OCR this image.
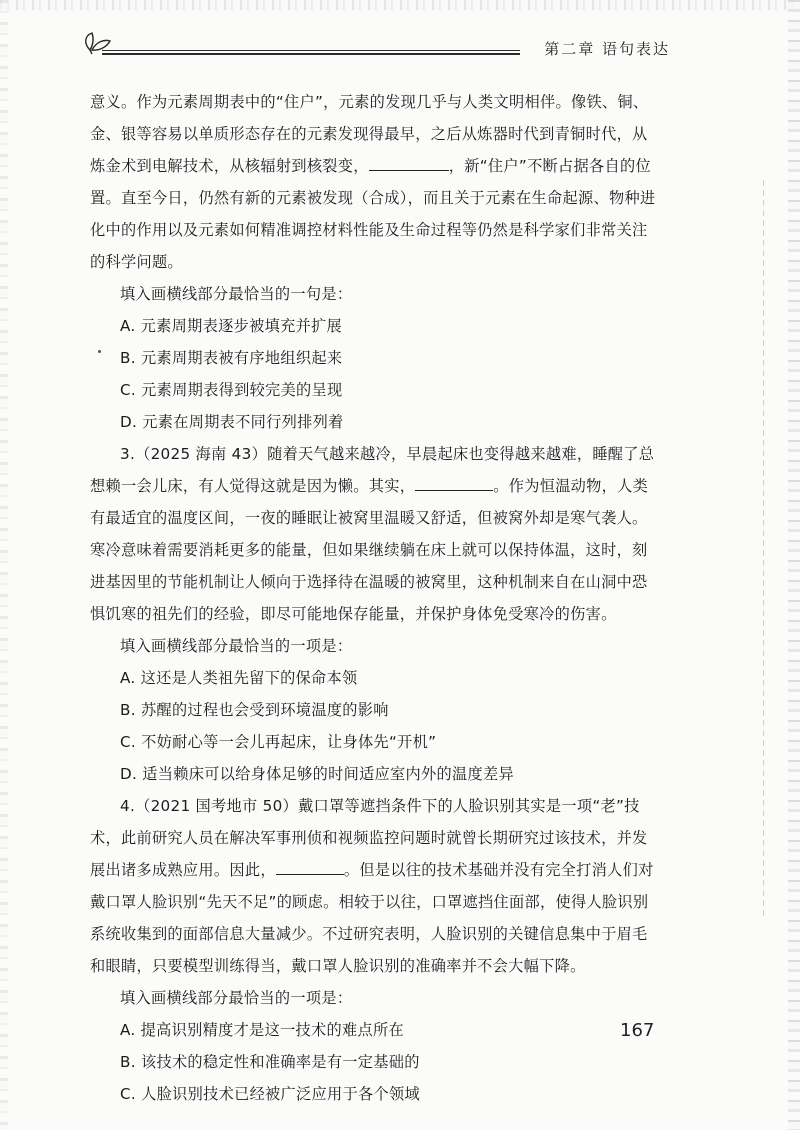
第二章 语句表达

意义。作为元素周期表中的“住户”，元素的发现几乎与人类文明相伴。像铁、铜、金、银等容易以单质形态存在的元素发现得最早，之后从炼器时代到青铜时代，从炼金术到电解技术，从核辐射到核裂变，	，新“住户”不断占据各自的位置。直至今日，仍然有新的元素被发现（合成），而且关于元素在生命起源、物种进化中的作用以及元素如何精准调控材料性能及生命过程等仍然是科学家们非常关注的科学问题。

填入画横线部分最恰当的一句是：

A. 元素周期表逐步被填充并扩展

B. 元素周期表被有序地组织起来

C. 元素周期表得到较完美的呈现

D. 元素在周期表不同行列排列着

3.（2025 海南 43）随着天气越来越冷，早晨起床也变得越来越难，睡醒了总想赖一会儿床，有人觉得这就是因为懒。其实，	。作为恒温动物，人类有最适宜的温度区间，一夜的睡眠让被窝里温暖又舒适，但被窝外却是寒气袭人。寒冷意味着需要消耗更多的能量，但如果继续躺在床上就可以保持体温，这时，刻进基因里的节能机制让人倾向于选择待在温暖的被窝里，这种机制来自在山洞中恐惧饥寒的祖先们的经验，即尽可能地保存能量，并保护身体免受寒冷的伤害。

填入画横线部分最恰当的一项是：

A. 这还是人类祖先留下的保命本领

B. 苏醒的过程也会受到环境温度的影响

C. 不妨耐心等一会儿再起床，让身体先“开机”

D. 适当赖床可以给身体足够的时间适应室内外的温度差异

4.（2021 国考地市 50）戴口罩等遮挡条件下的人脸识别其实是一项“老”技术，此前研究人员在解决军事刑侦和视频监控问题时就曾长期研究过该技术，并发展出诸多成熟应用。因此，	。但是以往的技术基础并没有完全打消人们对戴口罩人脸识别“先天不足”的顾虑。相较于以往，口罩遮挡住面部，使得人脸识别系统收集到的面部信息大量减少。不过研究表明，人脸识别的关键信息集中于眉毛和眼睛，只要模型训练得当，戴口罩人脸识别的准确率并不会大幅下降。

填入画横线部分最恰当的一项是：

A. 提高识别精度才是这一技术的难点所在

B. 该技术的稳定性和准确率是有一定基础的

C. 人脸识别技术已经被广泛应用于各个领域

167
